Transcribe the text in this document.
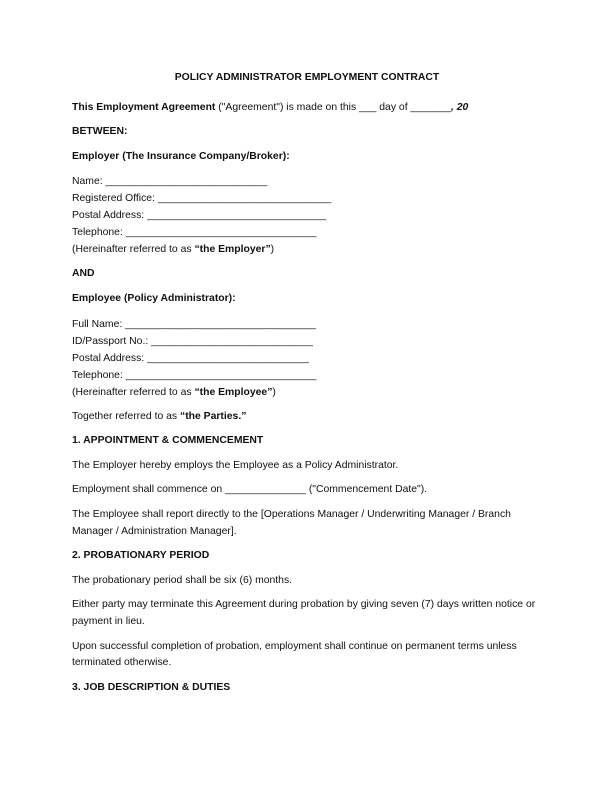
POLICY ADMINISTRATOR EMPLOYMENT CONTRACT

This Employment Agreement ("Agreement") is made on this ___ day of _______, 20

BETWEEN:

Employer (The Insurance Company/Broker):

Name: ____________________________

Registered Office: ______________________________

Postal Address: _______________________________

Telephone: _________________________________

(Hereinafter referred to as “the Employer”)

AND

Employee (Policy Administrator):

Full Name: _________________________________

ID/Passport No.: ____________________________

Postal Address: ____________________________

Telephone: _________________________________

(Hereinafter referred to as “the Employee”)

Together referred to as “the Parties.”

1. APPOINTMENT & COMMENCEMENT

The Employer hereby employs the Employee as a Policy Administrator.

Employment shall commence on ______________ ("Commencement Date").

The Employee shall report directly to the [Operations Manager / Underwriting Manager / Branch Manager / Administration Manager].

2. PROBATIONARY PERIOD

The probationary period shall be six (6) months.

Either party may terminate this Agreement during probation by giving seven (7) days written notice or payment in lieu.

Upon successful completion of probation, employment shall continue on permanent terms unless terminated otherwise.

3. JOB DESCRIPTION & DUTIES
